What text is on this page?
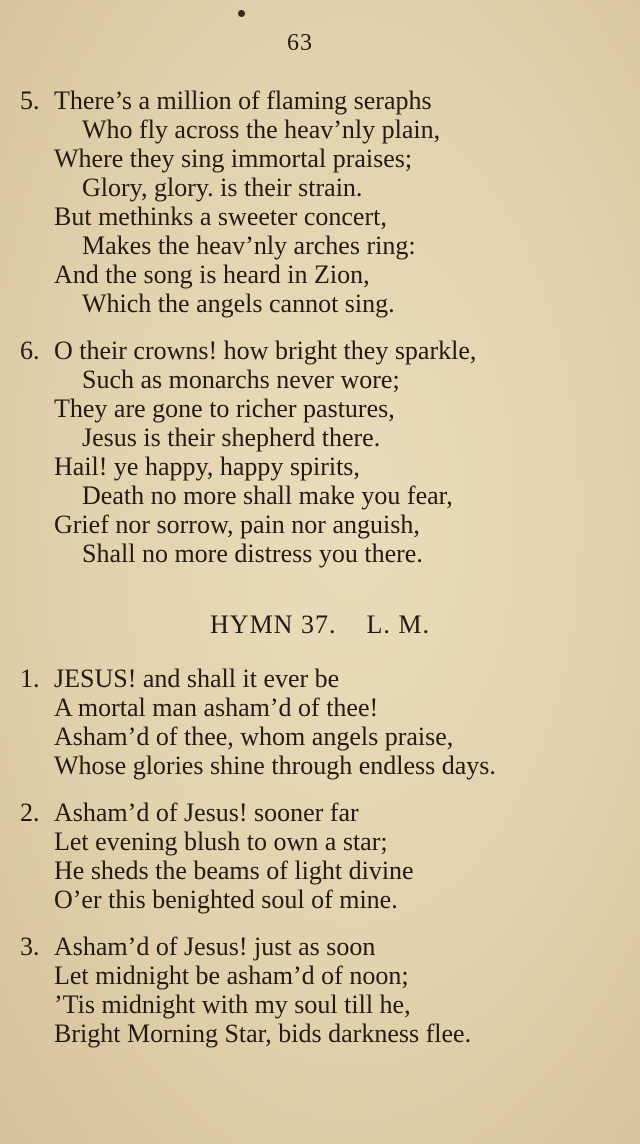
63
5. There’s a million of flaming seraphs
Who fly across the heav’nly plain,
Where they sing immortal praises;
Glory, glory. is their strain.
But methinks a sweeter concert,
Makes the heav’nly arches ring:
And the song is heard in Zion,
Which the angels cannot sing.
6. O their crowns! how bright they sparkle,
Such as monarchs never wore;
They are gone to richer pastures,
Jesus is their shepherd there.
Hail! ye happy, happy spirits,
Death no more shall make you fear,
Grief nor sorrow, pain nor anguish,
Shall no more distress you there.
HYMN 37. L. M.
1. JESUS! and shall it ever be
A mortal man asham’d of thee!
Asham’d of thee, whom angels praise,
Whose glories shine through endless days.
2. Asham’d of Jesus! sooner far
Let evening blush to own a star;
He sheds the beams of light divine
O’er this benighted soul of mine.
3. Asham’d of Jesus! just as soon
Let midnight be asham’d of noon;
’Tis midnight with my soul till he,
Bright Morning Star, bids darkness flee.
